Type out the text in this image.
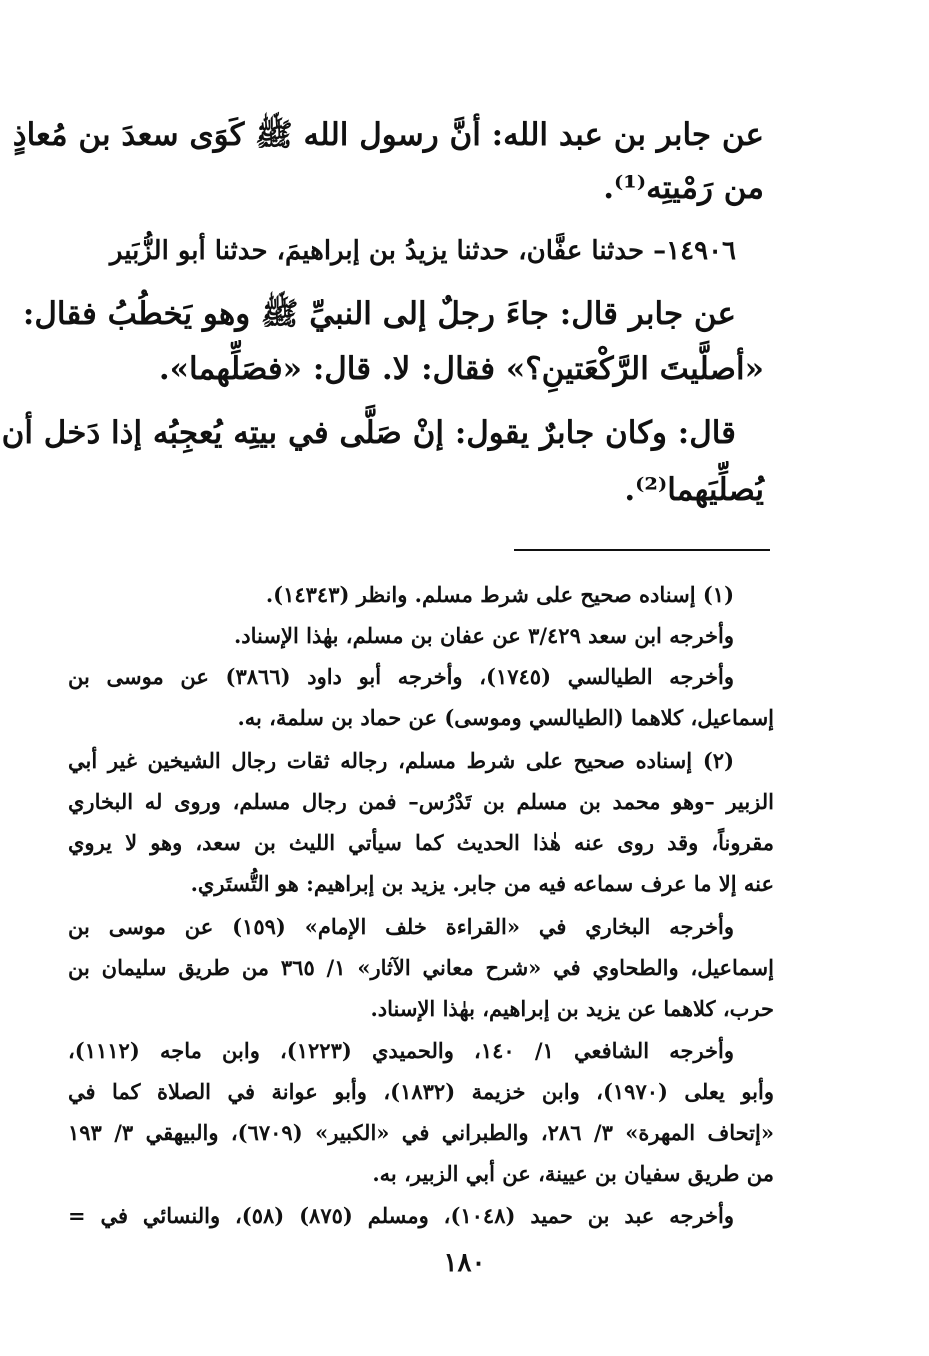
عن جابر بن عبد الله: أنَّ رسول الله ﷺ كَوَى سعدَ بن مُعاذٍ
من رَمْيتِه⁽¹⁾.
١٤٩٠٦– حدثنا عفَّان، حدثنا يزيدُ بن إبراهيمَ، حدثنا أبو الزُّبَير
عن جابر قال: جاءَ رجلٌ إلى النبيِّ ﷺ وهو يَخطُبُ فقال:
«أصلَّيتَ الرَّكْعَتينِ؟» فقال: لا. قال: «فصَلِّهما».
قال: وكان جابرٌ يقول: إنْ صَلَّى في بيتِه يُعجِبُه إذا دَخل أن
يُصلِّيَهما⁽²⁾.
(١) إسناده صحيح على شرط مسلم. وانظر (١٤٣٤٣).
وأخرجه ابن سعد ٣/٤٢٩ عن عفان بن مسلم، بهٰذا الإسناد.
وأخرجه الطيالسي (١٧٤٥)، وأخرجه أبو داود (٣٨٦٦) عن موسى بن
إسماعيل، كلاهما (الطيالسي وموسى) عن حماد بن سلمة، به.
(٢) إسناده صحيح على شرط مسلم، رجاله ثقات رجال الشيخين غير أبي
الزبير –وهو محمد بن مسلم بن تَدْرُس– فمن رجال مسلم، وروى له البخاري
مقروناً، وقد روى عنه هٰذا الحديث كما سيأتي الليث بن سعد، وهو لا يروي
عنه إلا ما عرف سماعه فيه من جابر. يزيد بن إبراهيم: هو التُّستَري.
وأخرجه البخاري في «القراءة خلف الإمام» (١٥٩) عن موسى بن
إسماعيل، والطحاوي في «شرح معاني الآثار» ١/ ٣٦٥ من طريق سليمان بن
حرب، كلاهما عن يزيد بن إبراهيم، بهٰذا الإسناد.
وأخرجه الشافعي ١/ ١٤٠، والحميدي (١٢٢٣)، وابن ماجه (١١١٢)،
وأبو يعلى (١٩٧٠)، وابن خزيمة (١٨٣٢)، وأبو عوانة في الصلاة كما في
«إتحاف المهرة» ٣/ ٢٨٦، والطبراني في «الكبير» (٦٧٠٩)، والبيهقي ٣/ ١٩٣
من طريق سفيان بن عيينة، عن أبي الزبير، به.
وأخرجه عبد بن حميد (١٠٤٨)، ومسلم (٨٧٥) (٥٨)، والنسائي في =
١٨٠
